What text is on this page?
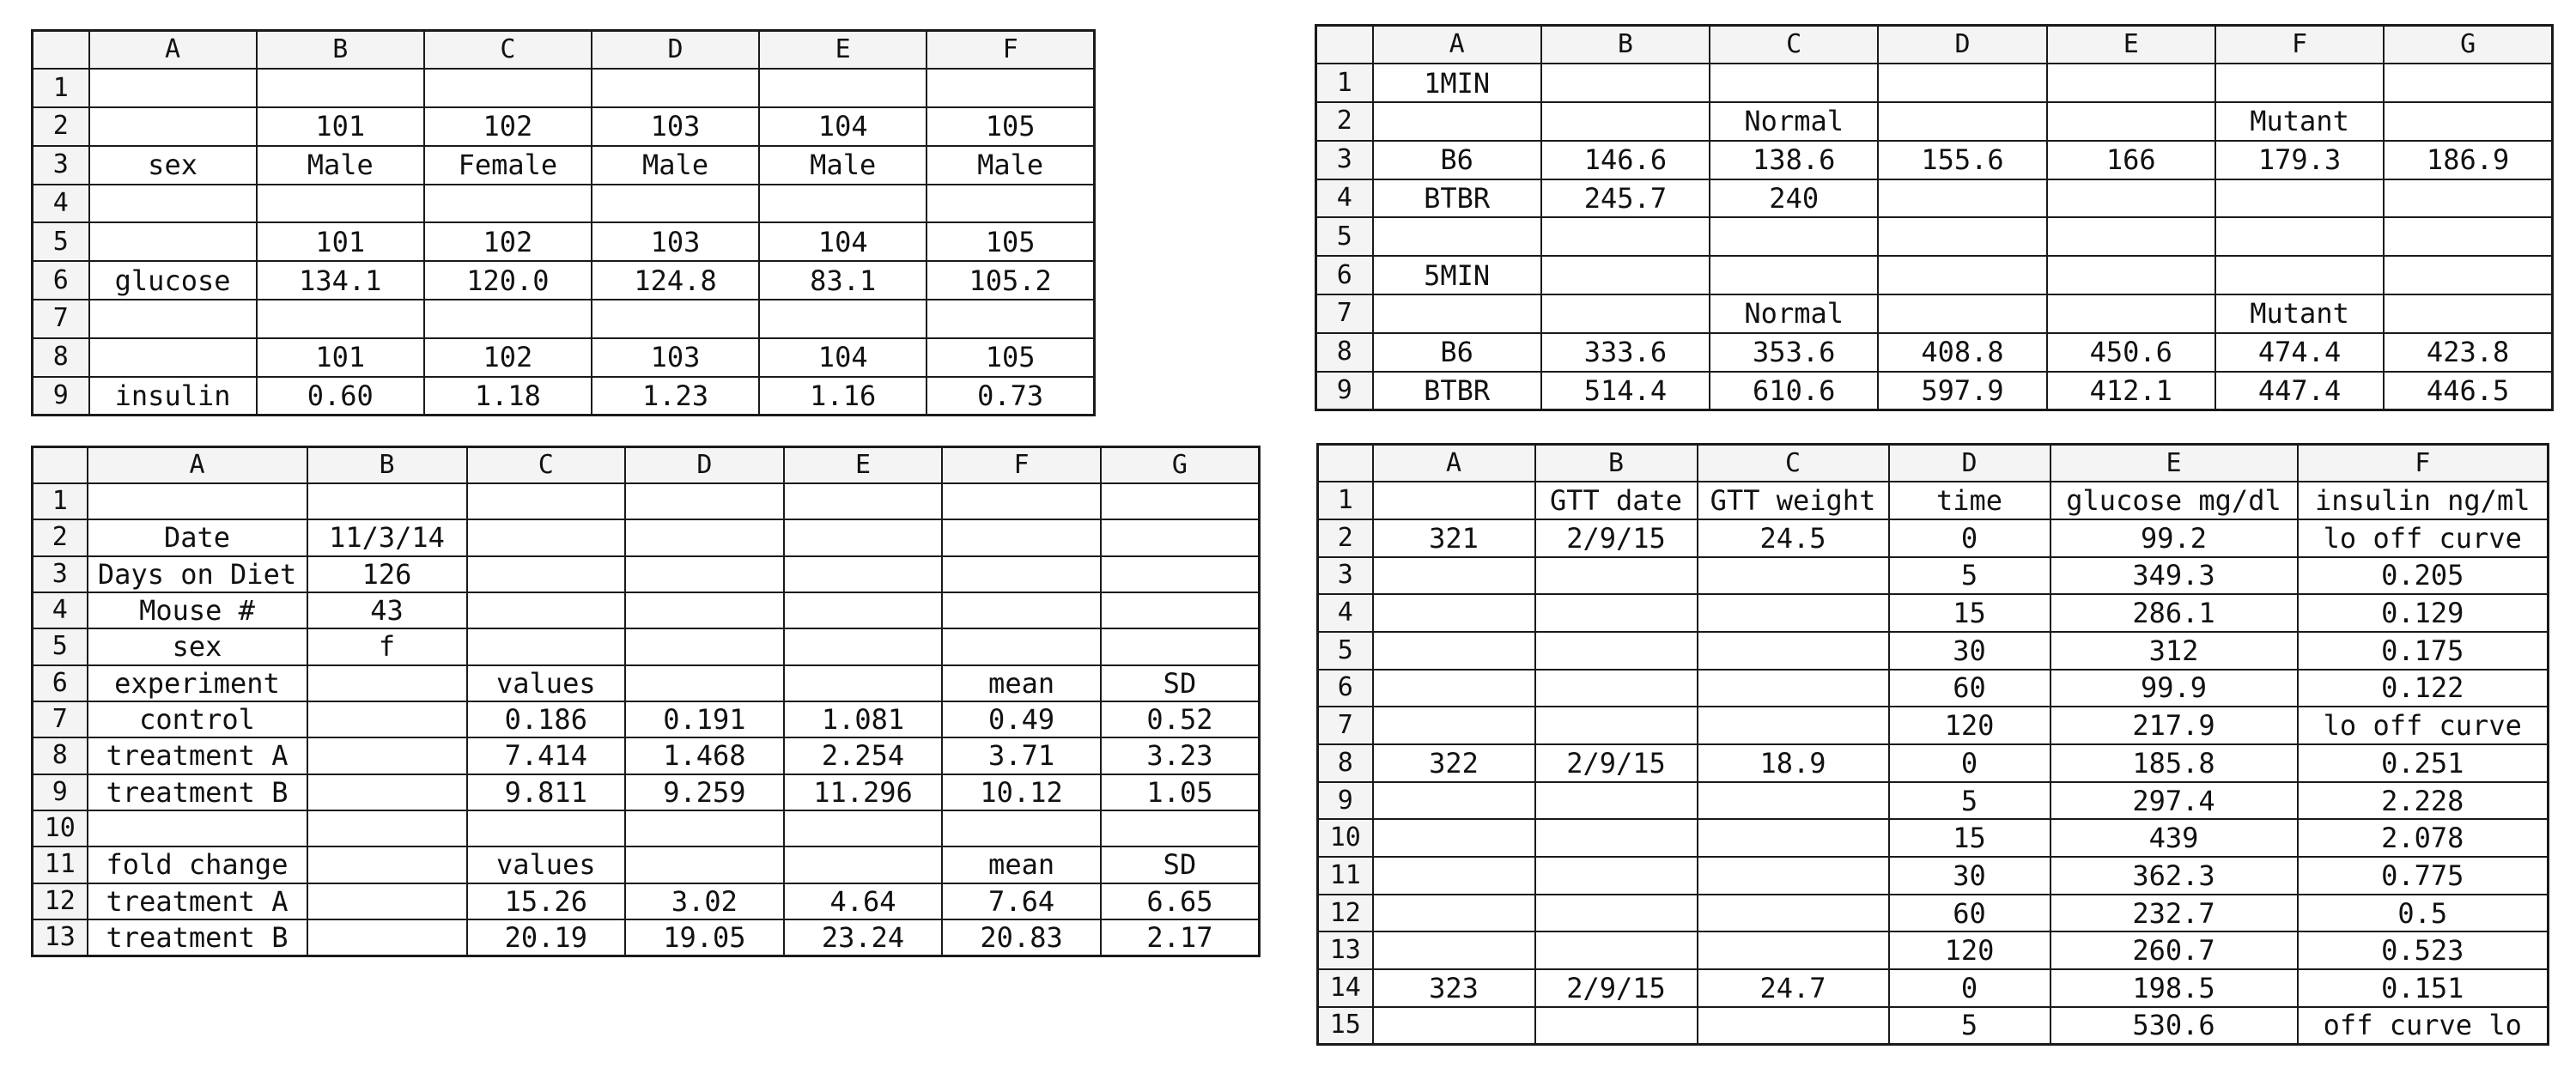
	A	B	C	D	E	F
1						
2		101	102	103	104	105
3	sex	Male	Female	Male	Male	Male
4						
5		101	102	103	104	105
6	glucose	134.1	120.0	124.8	83.1	105.2
7						
8		101	102	103	104	105
9	insulin	0.60	1.18	1.23	1.16	0.73
	A	B	C	D	E	F	G
1	1MIN						
2			Normal			Mutant	
3	B6	146.6	138.6	155.6	166	179.3	186.9
4	BTBR	245.7	240				
5							
6	5MIN						
7			Normal			Mutant	
8	B6	333.6	353.6	408.8	450.6	474.4	423.8
9	BTBR	514.4	610.6	597.9	412.1	447.4	446.5
	A	B	C	D	E	F	G
1							
2	Date	11/3/14					
3	Days on Diet	126					
4	Mouse #	43					
5	sex	f					
6	experiment		values			mean	SD
7	control		0.186	0.191	1.081	0.49	0.52
8	treatment A		7.414	1.468	2.254	3.71	3.23
9	treatment B		9.811	9.259	11.296	10.12	1.05
10							
11	fold change		values			mean	SD
12	treatment A		15.26	3.02	4.64	7.64	6.65
13	treatment B		20.19	19.05	23.24	20.83	2.17
	A	B	C	D	E	F
1		GTT date	GTT weight	time	glucose mg/dl	insulin ng/ml
2	321	2/9/15	24.5	0	99.2	lo off curve
3				5	349.3	0.205
4				15	286.1	0.129
5				30	312	0.175
6				60	99.9	0.122
7				120	217.9	lo off curve
8	322	2/9/15	18.9	0	185.8	0.251
9				5	297.4	2.228
10				15	439	2.078
11				30	362.3	0.775
12				60	232.7	0.5
13				120	260.7	0.523
14	323	2/9/15	24.7	0	198.5	0.151
15				5	530.6	off curve lo
